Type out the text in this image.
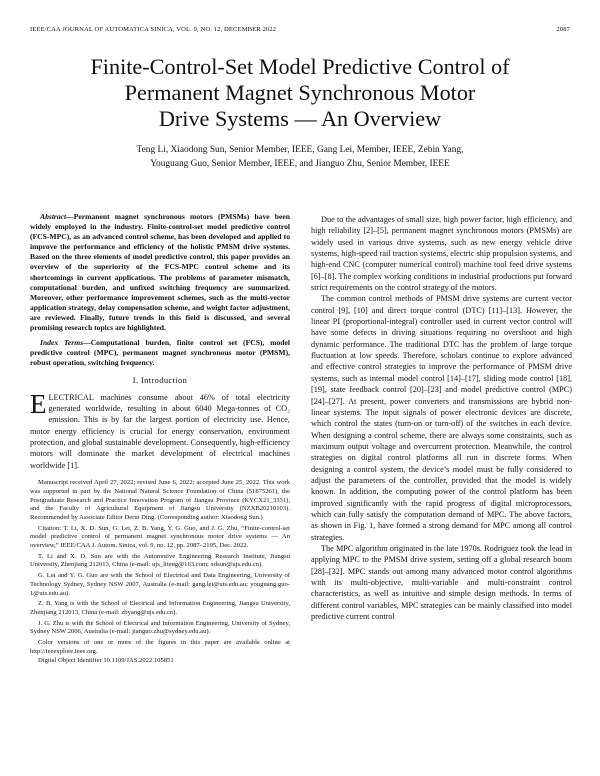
IEEE/CAA JOURNAL OF AUTOMATICA SINICA, VOL. 9, NO. 12, DECEMBER 2022	2087
Finite-Control-Set Model Predictive Control of
Permanent Magnet Synchronous Motor
Drive Systems — An Overview
Teng Li, Xiaodong Sun, Senior Member, IEEE, Gang Lei, Member, IEEE, Zebin Yang,
Youguang Guo, Senior Member, IEEE, and Jianguo Zhu, Senior Member, IEEE

Abstract—Permanent magnet synchronous motors (PMSMs) have been widely employed in the industry. Finite-control-set model predictive control (FCS-MPC), as an advanced control scheme, has been developed and applied to improve the performance and efficiency of the holistic PMSM drive systems. Based on the three elements of model predictive control, this paper provides an overview of the superiority of the FCS-MPC control scheme and its shortcomings in current applications. The problems of parameter mismatch, computational burden, and unfixed switching frequency are summarized. Moreover, other performance improvement schemes, such as the multi-vector application strategy, delay compensation scheme, and weight factor adjustment, are reviewed. Finally, future trends in this field is discussed, and several promising research topics are highlighted.

Index Terms—Computational burden, finite control set (FCS), model predictive control (MPC), permanent magnet synchronous motor (PMSM), robust operation, switching frequency.

I. Introduction

ELECTRICAL machines consume about 46% of total electricity generated worldwide, resulting in about 6040 Mega-tonnes of CO₂ emission. This is by far the largest portion of electricity use. Hence, motor energy efficiency is crucial for energy conservation, environment protection, and global sustainable development. Consequently, high-efficiency motors will dominate the market development of electrical machines worldwide [1].

Manuscript received April 27, 2022; revised June 6, 2022; accepted June 25, 2022. This work was supported in part by the National Natural Science Foundation of China (51875261), the Postgraduate Research and Practice Innovation Program of Jiangsu Province (KYCX21_3331), and the Faculty of Agricultural Equipment of Jiangsu University (NZXB20210103). Recommended by Associate Editor Derui Ding. (Corresponding author: Xiaodong Sun.)

Citation: T. Li, X. D. Sun, G. Lei, Z. B. Yang, Y. G. Guo, and J. G. Zhu, “Finite-control-set model predictive control of permanent magnet synchronous motor drive systems — An overview,” IEEE/CAA J. Autom. Sinica, vol. 9, no. 12, pp. 2087–2105, Dec. 2022.

T. Li and X. D. Sun are with the Automotive Engineering Research Institute, Jiangsu University, Zhenjiang 212013, China (e-mail: ujs_liteng@163.com; xdsun@ujs.edu.cn).

G. Lei and Y. G. Guo are with the School of Electrical and Data Engineering, University of Technology Sydney, Sydney NSW 2007, Australia (e-mail: gang.lei@uts.edu.au; youguang.guo-1@uts.edu.au).

Z. B. Yang is with the School of Electrical and Information Engineering, Jiangsu University, Zhenjiang 212013, China (e-mail: zbyang@ujs.edu.cn).

J. G. Zhu is with the School of Electrical and Information Engineering, University of Sydney, Sydney NSW 2006, Australia (e-mail: jianguo.zhu@sydney.edu.au).

Color versions of one or more of the figures in this paper are available online at http://ieeexplore.ieee.org.

Digital Object Identifier 10.1109/JAS.2022.105851

Due to the advantages of small size, high power factor, high efficiency, and high reliability [2]–[5], permanent magnet synchronous motors (PMSMs) are widely used in various drive systems, such as new energy vehicle drive systems, high-speed rail traction systems, electric ship propulsion systems, and high-end CNC (computer numerical control) machine tool feed drive systems [6]–[8]. The complex working conditions in industrial productions put forward strict requirements on the control strategy of the motors.

The common control methods of PMSM drive systems are current vector control [9], [10] and direct torque control (DTC) [11]–[13]. However, the linear PI (proportional-integral) controller used in current vector control will have some defects in driving situations requiring no overshoot and high dynamic performance. The traditional DTC has the problem of large torque fluctuation at low speeds. Therefore, scholars continue to explore advanced and effective control strategies to improve the performance of PMSM drive systems, such as internal model control [14]–[17], sliding mode control [18], [19], state feedback control [20]–[23] and model predictive control (MPC) [24]–[27]. At present, power converters and transmissions are hybrid non-linear systems. The input signals of power electronic devices are discrete, which control the states (turn-on or turn-off) of the switches in each device. When designing a control scheme, there are always some constraints, such as maximum output voltage and overcurrent protection. Meanwhile, the control strategies on digital control platforms all run in discrete forms. When designing a control system, the device’s model must be fully considered to adjust the parameters of the controller, provided that the model is widely known. In addition, the computing power of the control platform has been improved significantly with the rapid progress of digital microprocessors, which can fully satisfy the computation demand of MPC. The above factors, as shown in Fig. 1, have formed a strong demand for MPC among all control strategies.

The MPC algorithm originated in the late 1970s. Rodriguez took the lead in applying MPC to the PMSM drive system, setting off a global research boom [28]–[32]. MPC stands out among many advanced motor control algorithms with its multi-objective, multi-variable and multi-constraint control characteristics, as well as intuitive and simple design methods. In terms of different control variables, MPC strategies can be mainly classified into model predictive current control
